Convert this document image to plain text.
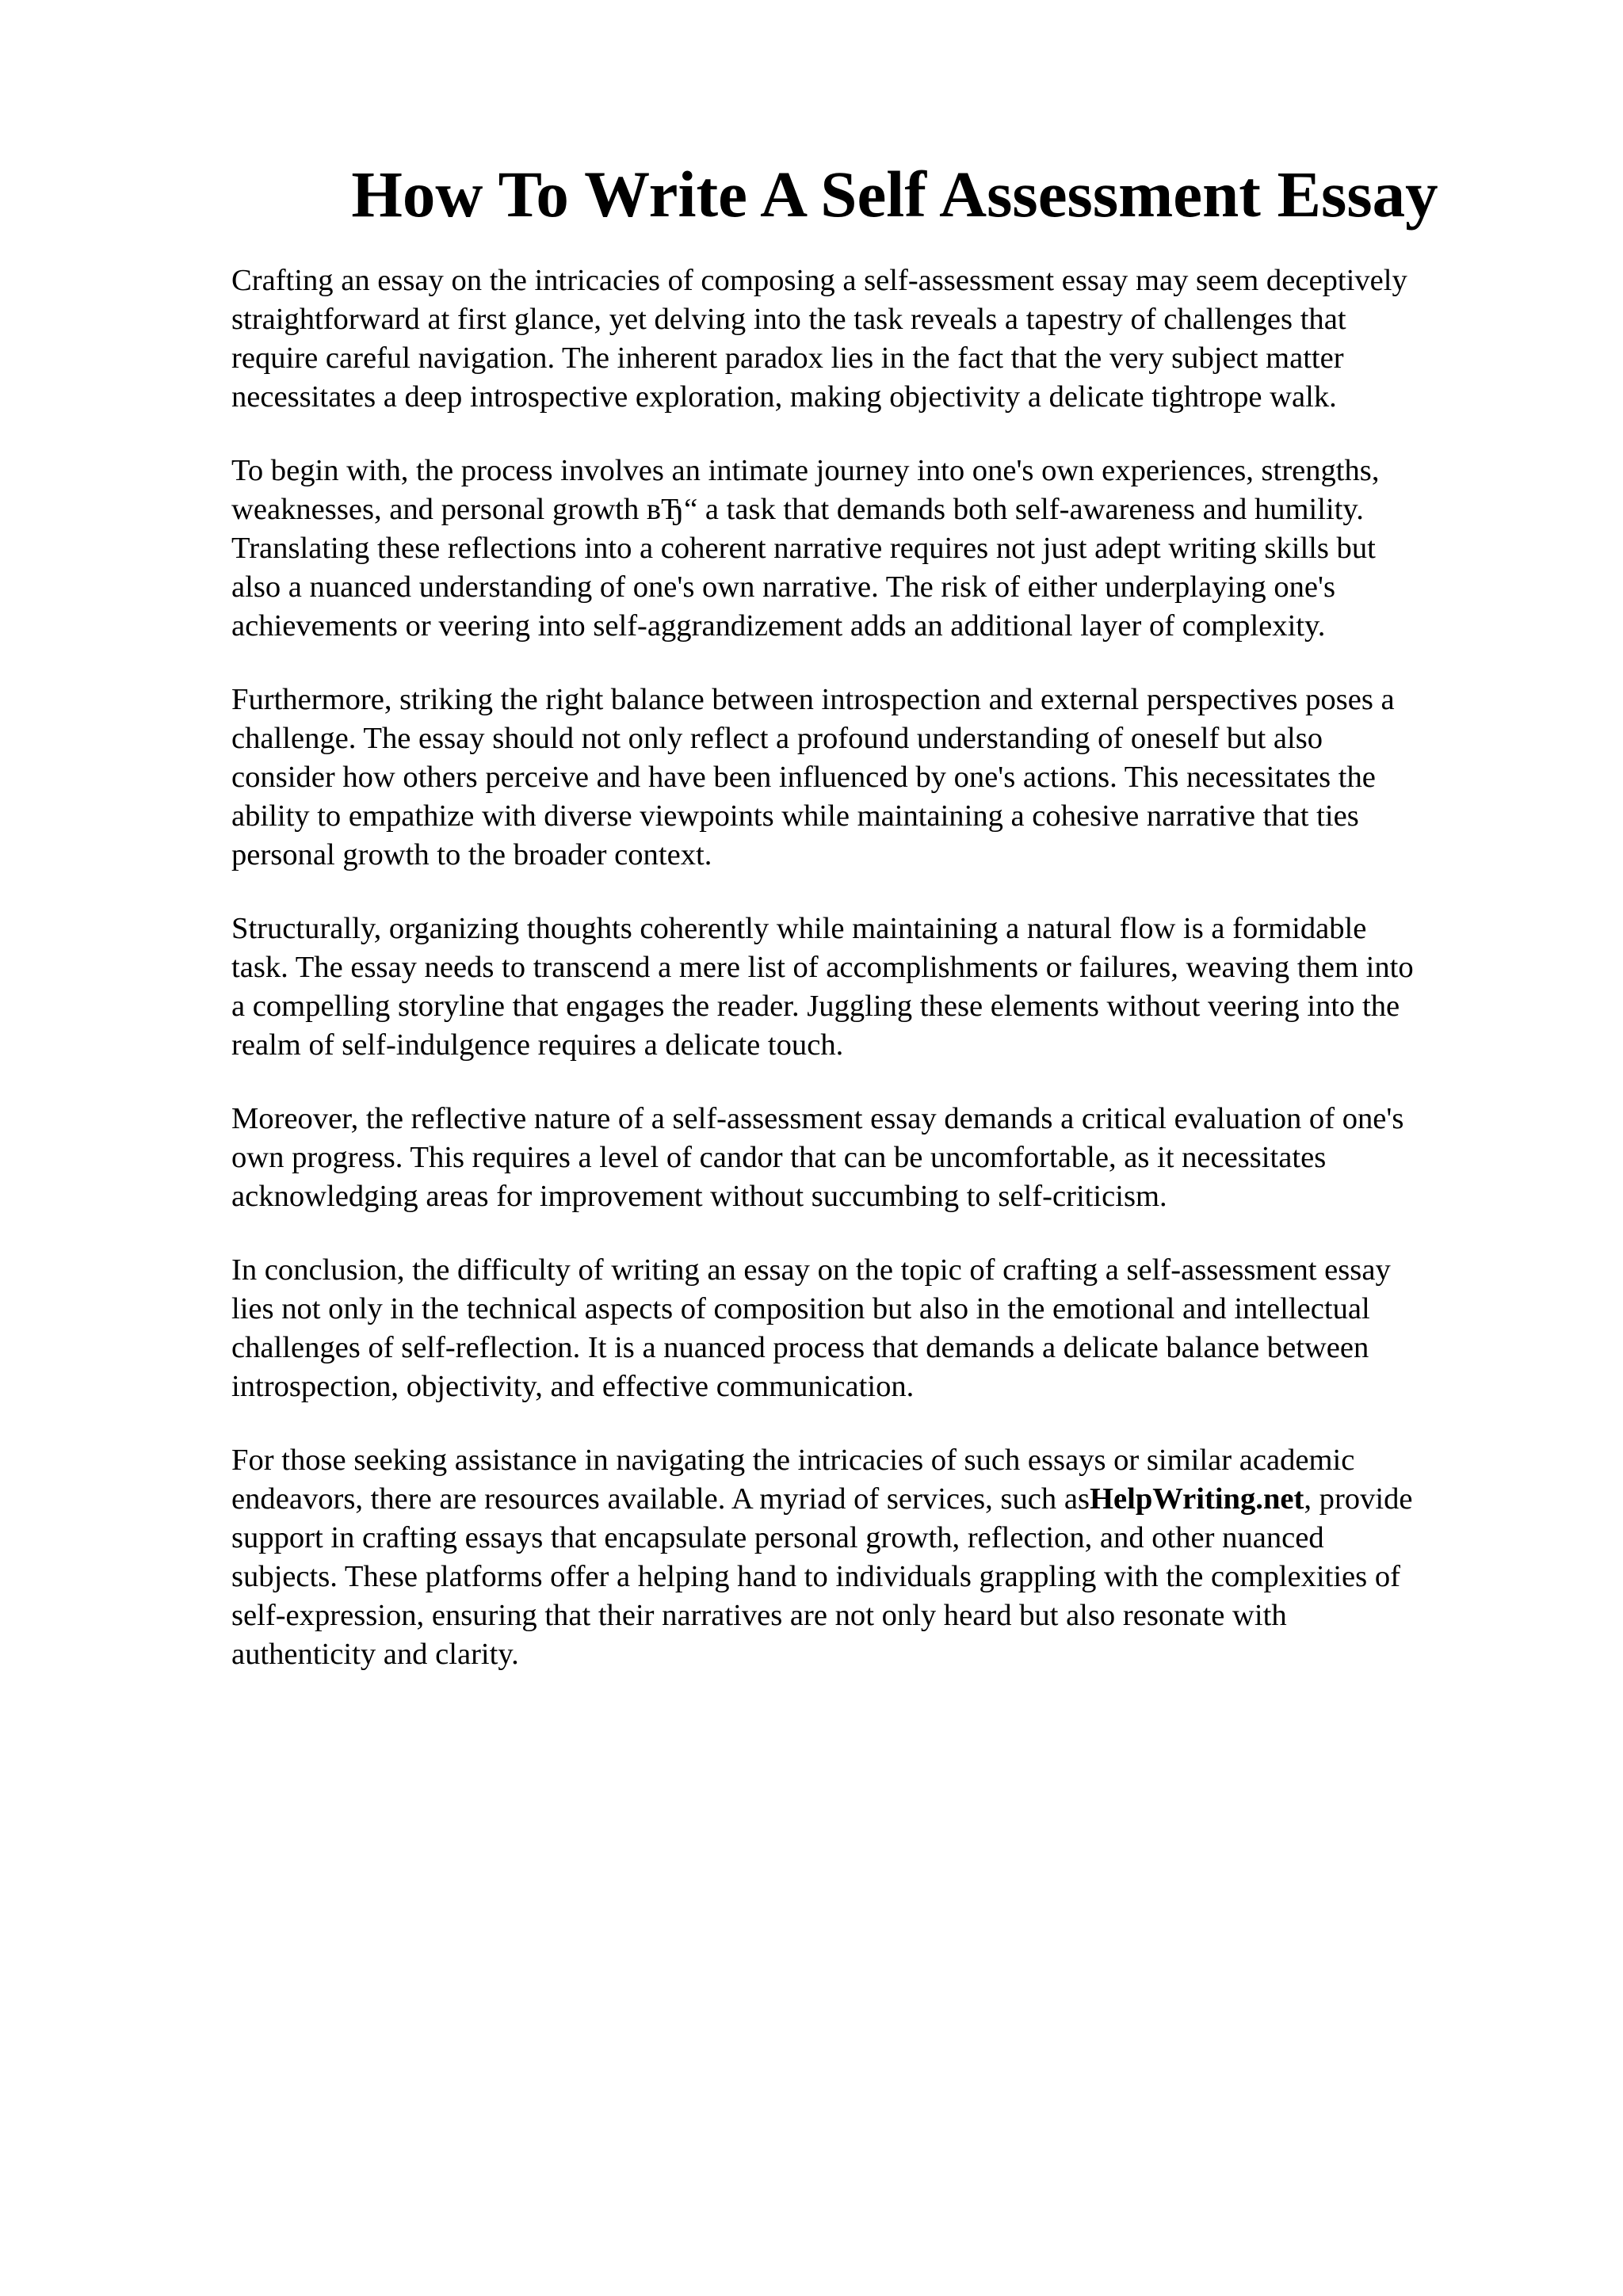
How To Write A Self Assessment Essay

Crafting an essay on the intricacies of composing a self-assessment essay may seem deceptively
straightforward at first glance, yet delving into the task reveals a tapestry of challenges that
require careful navigation. The inherent paradox lies in the fact that the very subject matter
necessitates a deep introspective exploration, making objectivity a delicate tightrope walk.

To begin with, the process involves an intimate journey into one's own experiences, strengths,
weaknesses, and personal growth вЂ“ a task that demands both self-awareness and humility.
Translating these reflections into a coherent narrative requires not just adept writing skills but
also a nuanced understanding of one's own narrative. The risk of either underplaying one's
achievements or veering into self-aggrandizement adds an additional layer of complexity.

Furthermore, striking the right balance between introspection and external perspectives poses a
challenge. The essay should not only reflect a profound understanding of oneself but also
consider how others perceive and have been influenced by one's actions. This necessitates the
ability to empathize with diverse viewpoints while maintaining a cohesive narrative that ties
personal growth to the broader context.

Structurally, organizing thoughts coherently while maintaining a natural flow is a formidable
task. The essay needs to transcend a mere list of accomplishments or failures, weaving them into
a compelling storyline that engages the reader. Juggling these elements without veering into the
realm of self-indulgence requires a delicate touch.

Moreover, the reflective nature of a self-assessment essay demands a critical evaluation of one's
own progress. This requires a level of candor that can be uncomfortable, as it necessitates
acknowledging areas for improvement without succumbing to self-criticism.

In conclusion, the difficulty of writing an essay on the topic of crafting a self-assessment essay
lies not only in the technical aspects of composition but also in the emotional and intellectual
challenges of self-reflection. It is a nuanced process that demands a delicate balance between
introspection, objectivity, and effective communication.

For those seeking assistance in navigating the intricacies of such essays or similar academic
endeavors, there are resources available. A myriad of services, such asHelpWriting.net, provide
support in crafting essays that encapsulate personal growth, reflection, and other nuanced
subjects. These platforms offer a helping hand to individuals grappling with the complexities of
self-expression, ensuring that their narratives are not only heard but also resonate with
authenticity and clarity.
